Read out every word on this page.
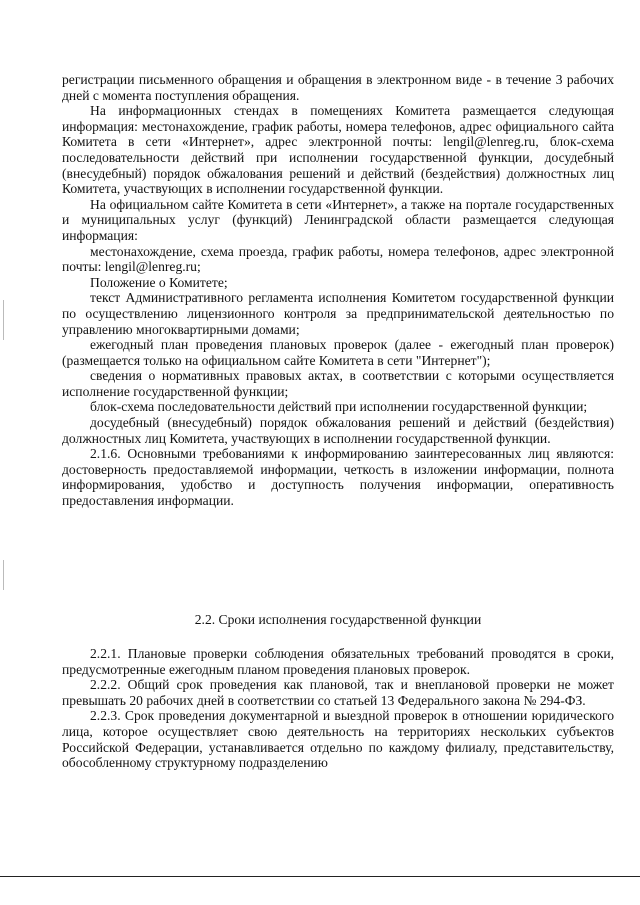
регистрации письменного обращения и обращения в электронном виде - в течение 3 рабочих дней с момента поступления обращения.

На информационных стендах в помещениях Комитета размещается следующая информация: местонахождение, график работы, номера телефонов, адрес официального сайта Комитета в сети «Интернет», адрес электронной почты: lengil@lenreg.ru, блок-схема последовательности действий при исполнении государственной функции, досудебный (внесудебный) порядок обжалования решений и действий (бездействия) должностных лиц Комитета, участвующих в исполнении государственной функции.

На официальном сайте Комитета в сети «Интернет», а также на портале государственных и муниципальных услуг (функций) Ленинградской области размещается следующая информация:

местонахождение, схема проезда, график работы, номера телефонов, адрес электронной почты: lengil@lenreg.ru;

Положение о Комитете;

текст Административного регламента исполнения Комитетом государственной функции по осуществлению лицензионного контроля за предпринимательской деятельностью по управлению многоквартирными домами;

ежегодный план проведения плановых проверок (далее - ежегодный план проверок) (размещается только на официальном сайте Комитета в сети "Интернет");

сведения о нормативных правовых актах, в соответствии с которыми осуществляется исполнение государственной функции;

блок-схема последовательности действий при исполнении государственной функции;

досудебный (внесудебный) порядок обжалования решений и действий (бездействия) должностных лиц Комитета, участвующих в исполнении государственной функции.

2.1.6. Основными требованиями к информированию заинтересованных лиц являются: достоверность предоставляемой информации, четкость в изложении информации, полнота информирования, удобство и доступность получения информации, оперативность предоставления информации.

2.2. Сроки исполнения государственной функции

2.2.1. Плановые проверки соблюдения обязательных требований проводятся в сроки, предусмотренные ежегодным планом проведения плановых проверок.

2.2.2. Общий срок проведения как плановой, так и внеплановой проверки не может превышать 20 рабочих дней в соответствии со статьей 13 Федерального закона № 294-ФЗ.

2.2.3. Срок проведения документарной и выездной проверок в отношении юридического лица, которое осуществляет свою деятельность на территориях нескольких субъектов Российской Федерации, устанавливается отдельно по каждому филиалу, представительству, обособленному структурному подразделению
